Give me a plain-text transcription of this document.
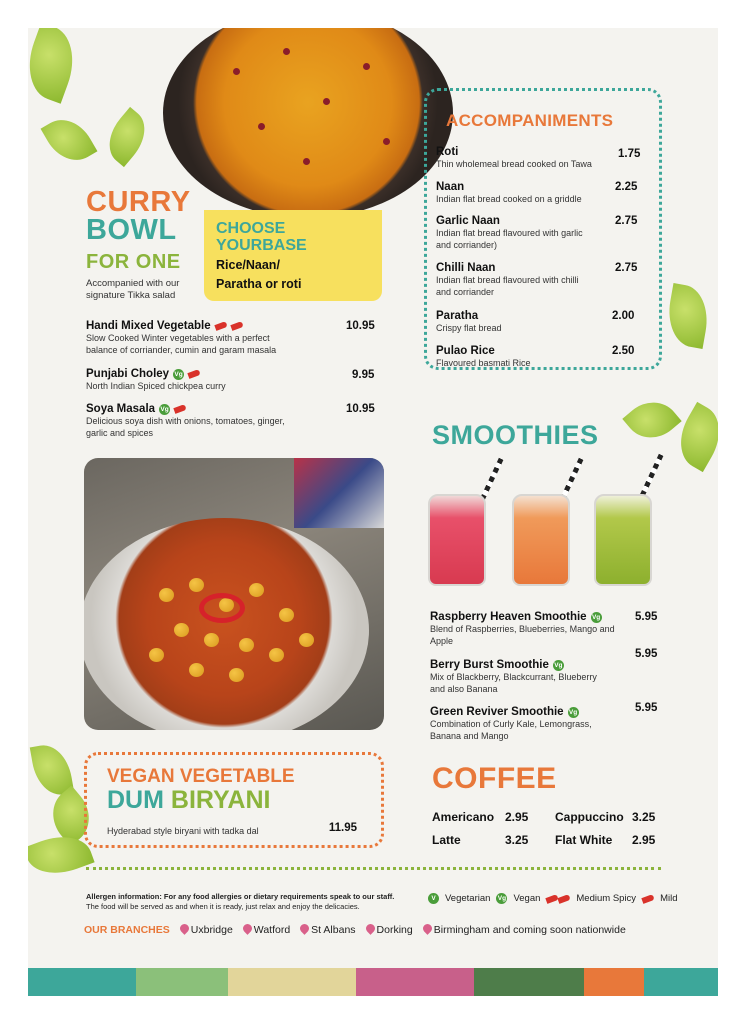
CURRY
BOWL
FOR ONE
Accompanied with our
signature Tikka salad
CHOOSE
YOURBASE
Rice/Naan/
Paratha or roti
Handi Mixed Vegetable
Slow Cooked Winter vegetables with a perfect
balance of corriander, cumin and garam masala
10.95
Punjabi Choley Vg
North Indian Spiced chickpea curry
9.95
Soya Masala Vg
Delicious soya dish with onions, tomatoes, ginger,
garlic and spices
10.95
ACCOMPANIMENTS
Roti
Thin wholemeal bread cooked on Tawa
1.75
Naan
Indian flat bread cooked on a griddle
2.25
Garlic Naan
Indian flat bread flavoured with garlic
and corriander)
2.75
Chilli Naan
Indian flat bread flavoured with chilli
and corriander
2.75
Paratha
Crispy flat bread
2.00
Pulao Rice
Flavoured basmati Rice
2.50
SMOOTHIES
Raspberry Heaven Smoothie Vg
Blend of Raspberries, Blueberries, Mango and
Apple
5.95
Berry Burst Smoothie Vg
Mix of Blackberry, Blackcurrant, Blueberry
and also Banana
5.95
Green Reviver Smoothie Vg
Combination of Curly Kale, Lemongrass,
Banana and Mango
5.95
VEGAN VEGETABLE
DUM BIRYANI
Hyderabad style biryani with tadka dal	11.95
COFFEE
Americano 2.95 Cappuccino 3.25
Latte	3.25 Flat White 2.95
Allergen information: For any food allergies or dietary requirements speak to our staff.
The food will be served as and when it is ready, just relax and enjoy the delicacies.
V Vegetarian Vg Vegan	Medium Spicy	Mild
OUR BRANCHES	Uxbridge	Watford	St Albans	Dorking	Birmingham and coming soon nationwide
